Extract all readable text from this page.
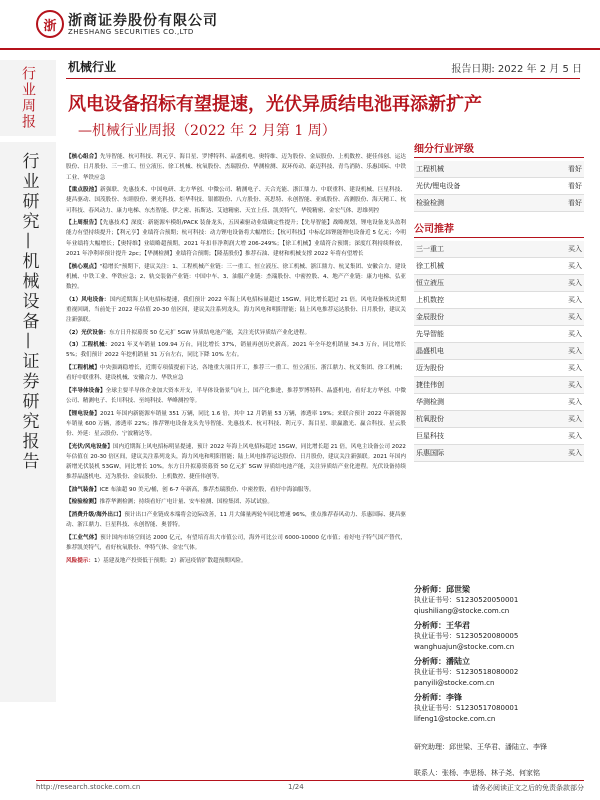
浙 浙商证券股份有限公司
ZHESHANG SECURITIES CO.,LTD
机械行业	报告日期: 2022 年 2 月 5 日
行业周报
行业研究—机械设备—证券研究报告
风电设备招标有望提速，光伏异质结电池再添新扩产
—机械行业周报（2022 年 2 月第 1 周）

【核心组合】先导智能、杭可科技、利元亨、海目星、罗博特科、晶盛机电、奥特维、迈为股份、金辰股份、上机数控、捷佳伟创、运达股份、日月股份、三一重工、恒立液压、徐工机械、杭氧股份、杰瑞股份、华测检测、双环传动、豪迈科技、青鸟消防、乐惠国际、中铁工业、华铁应急

【重点股池】新强联、先惠技术、中国电研、北方华创、中微公司、精测电子、天合光能、浙江鼎力、中联重科、建设机械、巨星科技、捷昌驱动、国茂股份、东睦股份、聚光科技、炬华科技、银都股份、八方股份、英思特、永创智能、亚威股份、高测股份、海天精工、杭可科技、春风动力、康力电梯、东杰智能、伊之密、拓斯达、艾迪精密、天宜上佳、凯美特气、华锐精密、金宏气体、思维列控

【上周报告】【先惠技术】深度：新能源车模组/PACK 装备龙头，五因素驱动业绩确定性提升；【先导智能】战略规划，锂电设备龙头盈利能力有望持续提升；【利元亨】业绩符合预期；杭可科技：动力锂电设备将大幅增长；【杭可科技】中标亿纬锂能锂电设备近 5 亿元；今明年业绩将大幅增长；【奥特维】业绩略超预期，2021 年扣非净利润大增 206-249%；【徐工机械】业绩符合预期；深度红利持续释放，2021 年净利率预计提升 2pc；【华测检测】业绩符合预期；【隆基股份】推荐石油、建材和机械支撑 2022 年将有望增长

【核心观点】"稳增长"预期下，建议关注：1、工程机械产业链：三一重工、恒立液压、徐工机械、浙江鼎力、杭叉集团、安徽合力、建设机械、中铁工业、华铁应急；2、轨交装备产业链：中国中车、3、油服产业链：杰瑞股份、中密控股、4、地产产业链：康力电梯、弘亚数控。

（1）风电设备：国内近期海上风电招标提速，我们预计 2022 年海上风电招标量超过 15GW，同比增长超过 21 倍。风电设备板块近期重视回调，当前处于 2022 年估值 20-30 倍区间，建议关注系列龙头，海力风电和明阳智能；陆上风电推荐运达股份、日月股份，建议关注新强联。

（2）光伏设备：东方日升拟募资 50 亿元扩 5GW 异质结电池产能，关注光伏异质结产业化进程。

（3）工程机械：2021 年叉车销量 109.94 万台，同比增长 37%，销量再创历史新高。2021 年全年挖机销量 34.3 万台，同比增长 5%；我们预计 2022 年挖机销量 31 万台左右，同比下降 10% 左右。

【工程机械】中央强调稳增长，近期专项债提前下达，各地重大项目开工，推荐三一重工、恒立液压、浙江鼎力、杭叉集团、徐工机械；看好中联重科、建设机械、安徽合力、华铁应急

【半导体设备】全球主要半导体企业加大资本开支，半导体设备景气向上，国产化推进，推荐罗博特科、晶盛机电，看好北方华创、中微公司、精测电子、长川科技、至纯科技、华峰测控等。

【锂电设备】2021 年国内新能源车销量 351 万辆，同比 1.6 倍，其中 12 月销量 53 万辆，渗透率 19%；来联合预计 2022 年新能源车销量 600 万辆，渗透率 22%；推荐锂电设备龙头先导智能、先惠技术、杭可科技、利元亨、海目星、联赢激光、赢合科技、星云股份、外延：星云股份、宁波精达等。

【光伏/风电设备】国内近期海上风电招标明显提速，预计 2022 年海上风电招标超过 15GW，同比增长超 21 倍，风电主设备公司 2022 年估值在 20-30 倍区间，建议关注系列龙头，海力风电和明阳智能；陆上风电推荐运达股份、日月股份，建议关注新强联。2021 年国内新增光伏装机 53GW，同比增长 10%。东方日升拟募资募资 50 亿元扩 5GW 异质结电池产能，关注异质结产业化进程。光伏设备持续推荐晶盛机电、迈为股份、金辰股份、上机数控、捷佳伟创等。

【油气装备】ICE 布油超 90 美元/桶，创 6-7 年新高，推荐杰瑞股份、中密控股，看好中海油服等。

【检验检测】推荐华测检测；持续看好广电计量、安车检测、国检集团、苏试试验。

【消费升级/海外出口】预计出口产业链成本端将会边际改善，11 月大储量两轮车同比增速 96%，重点推荐春风动力、乐惠国际、捷昌驱动、浙江鼎力、巨星科技、永创智能、奥普特。

【工业气体】预计国内市场空间达 2000 亿元，有望培育出大市值公司，海外可比公司 6000-10000 亿市值；看好电子特气国产替代，推荐凯美特气，看好杭氧股份、华特气体、金宏气体。

风险提示：1）基建及地产投资低于预期；2）新冠疫情扩散超预期风险。

细分行业评级
工程机械	看好
光伏/锂电设备	看好
检验检测	看好
公司推荐
三一重工	买入
徐工机械	买入
恒立液压	买入
上机数控	买入
金辰股份	买入
先导智能	买入
晶盛机电	买入
迈为股份	买入
捷佳伟创	买入
华测检测	买入
杭氧股份	买入
巨星科技	买入
乐惠国际	买入
分析师：邱世梁
执业证书号：S1230520050001
qiushiliang@stocke.com.cn
分析师：王华君
执业证书号：S1230520080005
wanghuajun@stocke.com.cn
分析师：潘陆立
执业证书号：S1230518080002
panyili@stocke.com.cn
分析师：李锋
执业证书号：S1230517080001
lifeng1@stocke.com.cn
研究助理：邱世梁、王华君、潘陆立、李锋
联系人：张杨、李思杨、林子尧、何家铭
http://research.stocke.com.cn	1/24	请务必阅读正文之后的免责条款部分
